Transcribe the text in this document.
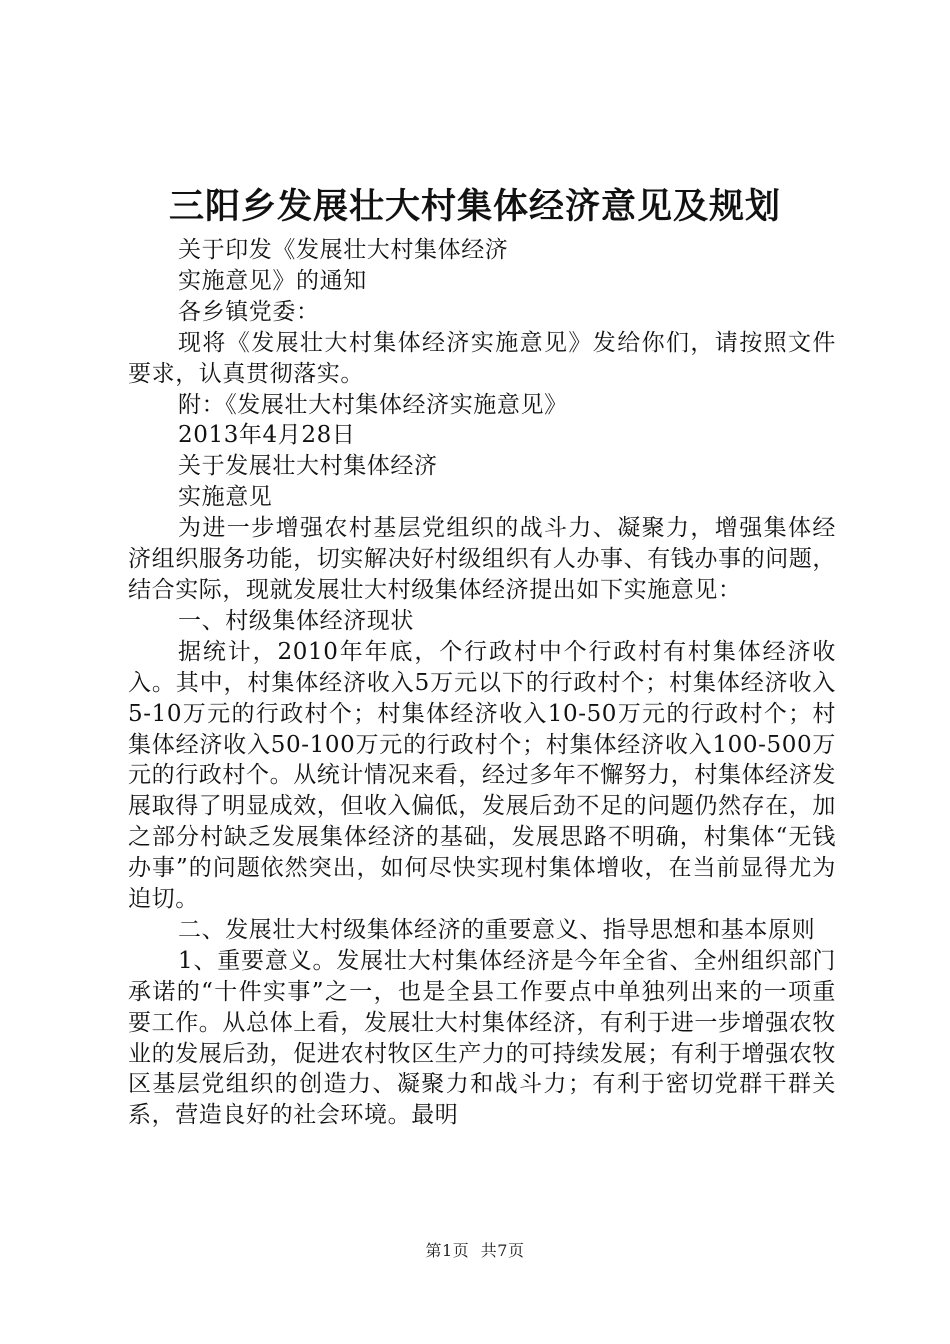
三阳乡发展壮大村集体经济意见及规划

关于印发《发展壮大村集体经济

实施意见》的通知

各乡镇党委：

现将《发展壮大村集体经济实施意见》发给你们，请按照文件要求，认真贯彻落实。

附：《发展壮大村集体经济实施意见》

2013年4月28日

关于发展壮大村集体经济

实施意见

为进一步增强农村基层党组织的战斗力、凝聚力，增强集体经济组织服务功能，切实解决好村级组织有人办事、有钱办事的问题，结合实际，现就发展壮大村级集体经济提出如下实施意见：

一、村级集体经济现状

据统计，2010年年底，个行政村中个行政村有村集体经济收入。其中，村集体经济收入5万元以下的行政村个；村集体经济收入5-10万元的行政村个；村集体经济收入10-50万元的行政村个；村集体经济收入50-100万元的行政村个；村集体经济收入100-500万元的行政村个。从统计情况来看，经过多年不懈努力，村集体经济发展取得了明显成效，但收入偏低，发展后劲不足的问题仍然存在，加之部分村缺乏发展集体经济的基础，发展思路不明确，村集体“无钱办事”的问题依然突出，如何尽快实现村集体增收，在当前显得尤为迫切。

二、发展壮大村级集体经济的重要意义、指导思想和基本原则

1、重要意义。发展壮大村集体经济是今年全省、全州组织部门承诺的“十件实事”之一，也是全县工作要点中单独列出来的一项重要工作。从总体上看，发展壮大村集体经济，有利于进一步增强农牧业的发展后劲，促进农村牧区生产力的可持续发展；有利于增强农牧区基层党组织的创造力、凝聚力和战斗力；有利于密切党群干群关系，营造良好的社会环境。最明

第1页 共7页
